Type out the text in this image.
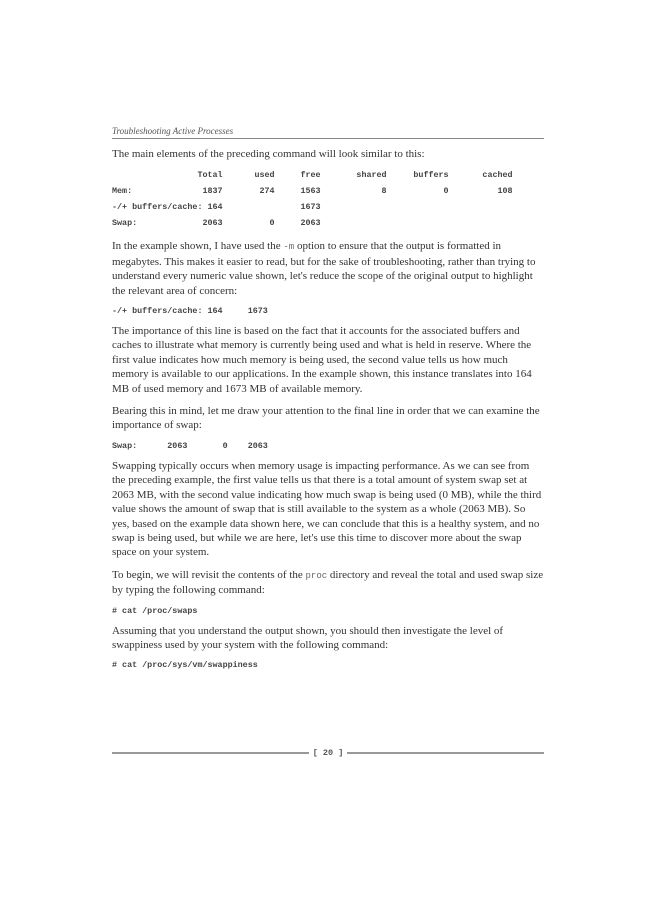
Troubleshooting Active Processes

The main elements of the preceding command will look similar to this:

	Total	used	free	shared	buffers	cached
Mem:	1837	274	1563	8	0	108
-/+ buffers/cache: 164			1673			
Swap:	2063	0	2063			

In the example shown, I have used the -m option to ensure that the output is formatted in megabytes. This makes it easier to read, but for the sake of troubleshooting, rather than trying to understand every numeric value shown, let's reduce the scope of the original output to highlight the relevant area of concern:

-/+ buffers/cache: 164     1673

The importance of this line is based on the fact that it accounts for the associated buffers and caches to illustrate what memory is currently being used and what is held in reserve. Where the first value indicates how much memory is being used, the second value tells us how much memory is available to our applications. In the example shown, this instance translates into 164 MB of used memory and 1673 MB of available memory.

Bearing this in mind, let me draw your attention to the final line in order that we can examine the importance of swap:

Swap:      2063       0    2063

Swapping typically occurs when memory usage is impacting performance. As we can see from the preceding example, the first value tells us that there is a total amount of system swap set at 2063 MB, with the second value indicating how much swap is being used (0 MB), while the third value shows the amount of swap that is still available to the system as a whole (2063 MB). So yes, based on the example data shown here, we can conclude that this is a healthy system, and no swap is being used, but while we are here, let's use this time to discover more about the swap space on your system.

To begin, we will revisit the contents of the proc directory and reveal the total and used swap size by typing the following command:

# cat /proc/swaps

Assuming that you understand the output shown, you should then investigate the level of swappiness used by your system with the following command:

# cat /proc/sys/vm/swappiness
[ 20 ]
